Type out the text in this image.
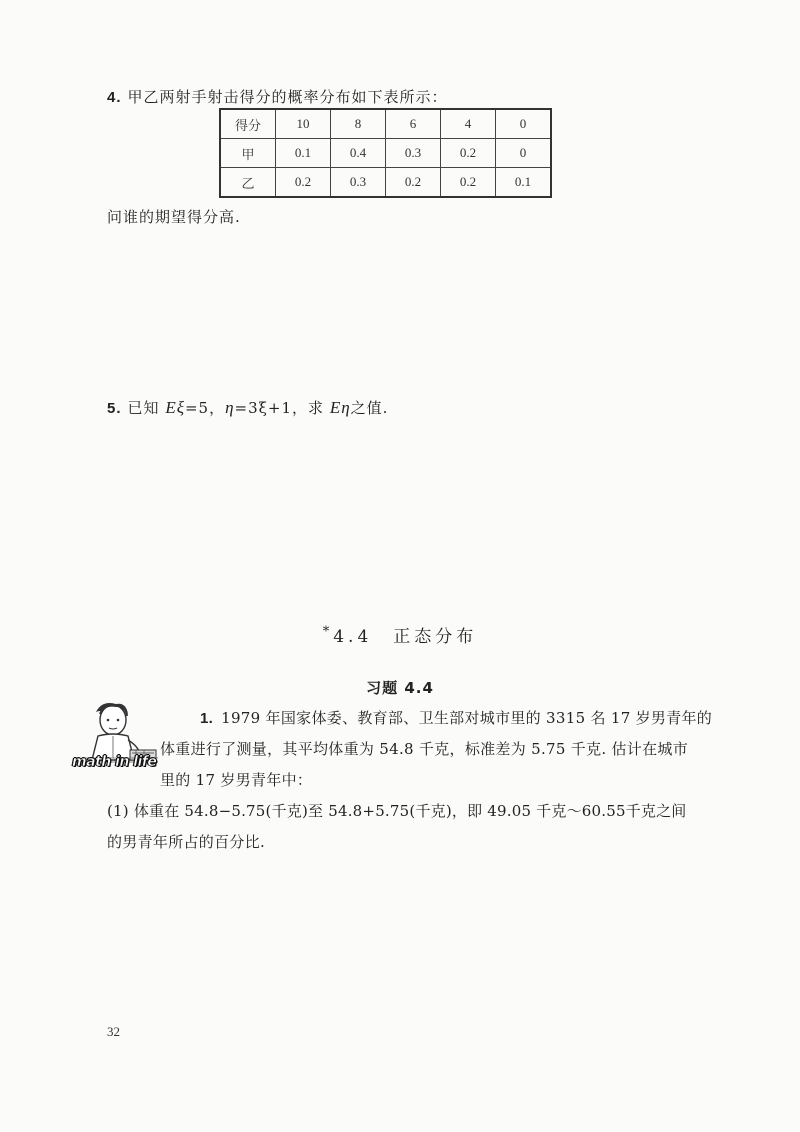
4. 甲乙两射手射击得分的概率分布如下表所示：
得分	10	8	6	4	0
甲	0.1	0.4	0.3	0.2	0
乙	0.2	0.3	0.2	0.2	0.1
问谁的期望得分高.
5. 已知 Eξ=5，η=3ξ+1，求 Eη之值.
*4.4　正态分布
习题 4.4
math in life
1. 1979 年国家体委、教育部、卫生部对城市里的 3315 名 17 岁男青年的
体重进行了测量，其平均体重为 54.8 千克，标准差为 5.75 千克. 估计在城市
里的 17 岁男青年中：
(1) 体重在 54.8−5.75(千克)至 54.8+5.75(千克)，即 49.05 千克～60.55千克之间
的男青年所占的百分比.
32
